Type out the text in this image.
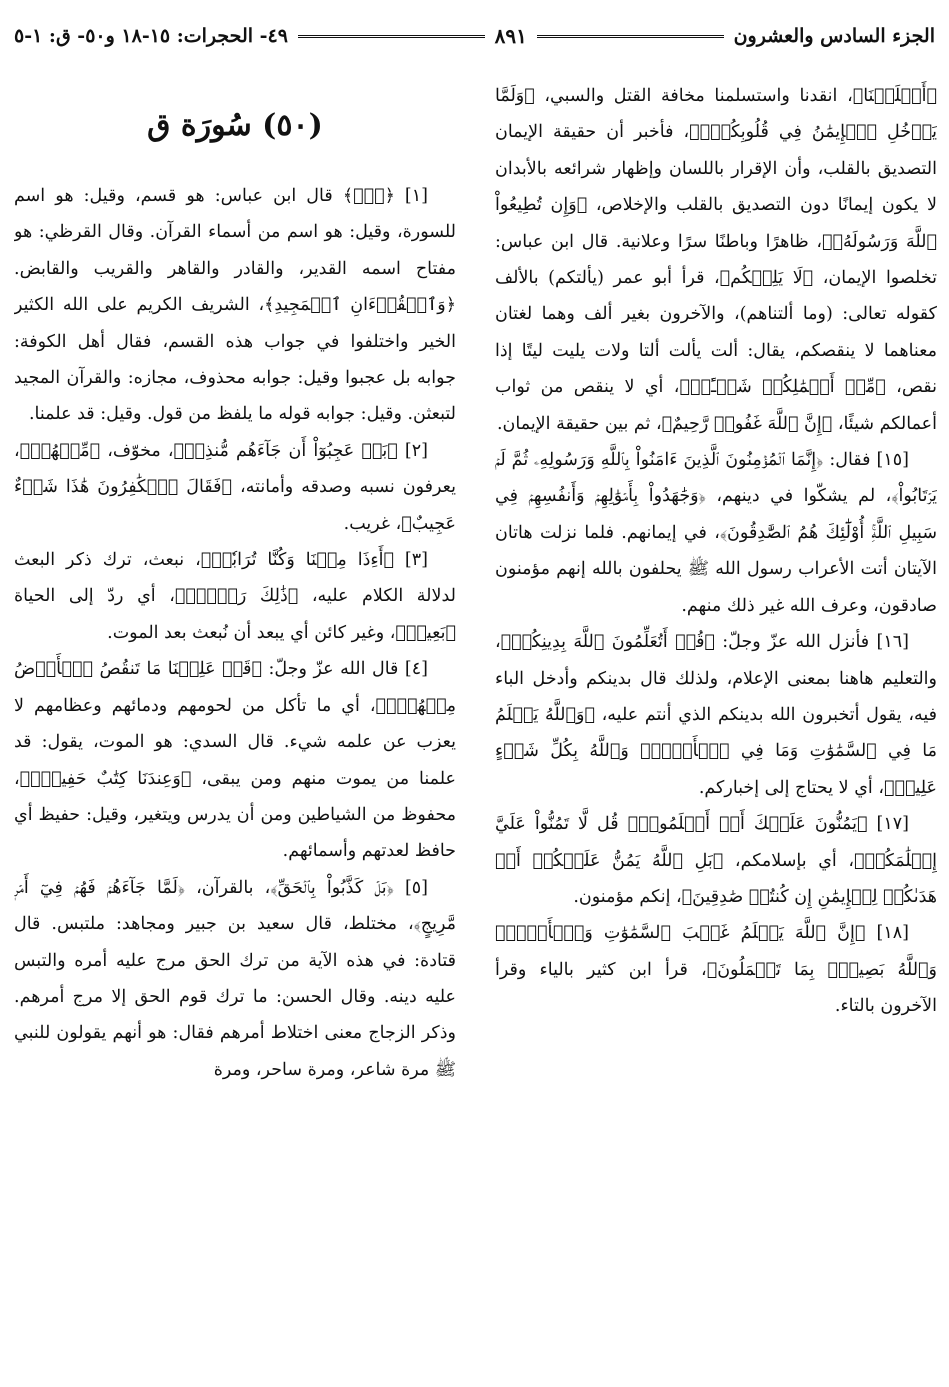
الجزء السادس والعشرون
٨٩١
٤٩- الحجرات: ١٥-١٨ و٥٠- ق: ١-٥

﴿أَسۡلَمۡنَا﴾، انقدنا واستسلمنا مخافة القتل والسبي، ﴿وَلَمَّا يَدۡخُلِ ٱلۡإِيمَٰنُ فِي قُلُوبِكُمۡۖ﴾، فأخبر أن حقيقة الإيمان التصديق بالقلب، وأن الإقرار باللسان وإظهار شرائعه بالأبدان لا يكون إيمانًا دون التصديق بالقلب والإخلاص، ﴿وَإِن تُطِيعُواْ ٱللَّهَ وَرَسُولَهُۥ﴾، ظاهرًا وباطنًا سرًا وعلانية. قال ابن عباس: تخلصوا الإيمان، ﴿لَا يَلِتۡكُم﴾، قرأ أبو عمر (يألتكم) بالألف كقوله تعالى: (وما ألتناهم)، والآخرون بغير ألف وهما لغتان معناهما لا ينقصكم، يقال: ألت يألت ألتا ولات يليت ليتًا إذا نقص، ﴿مِّنۡ أَعۡمَٰلِكُمۡ شَيۡـًٔاۚ﴾، أي لا ينقص من ثواب أعمالكم شيئًا، ﴿إِنَّ ٱللَّهَ غَفُورٞ رَّحِيمٌ﴾، ثم بين حقيقة الإيمان.

[١٥] فقال: ﴿إِنَّمَا ٱلۡمُؤۡمِنُونَ ٱلَّذِينَ ءَامَنُواْ بِٱللَّهِ وَرَسُولِهِۦ ثُمَّ لَمۡ يَرۡتَابُواْ﴾، لم يشكّوا في دينهم، ﴿وَجَٰهَدُواْ بِأَمۡوَٰلِهِمۡ وَأَنفُسِهِمۡ فِي سَبِيلِ ٱللَّهِۚ أُوْلَٰٓئِكَ هُمُ ٱلصَّٰدِقُونَ﴾، في إيمانهم. فلما نزلت هاتان الآيتان أتت الأعراب رسول الله ﷺ يحلفون بالله إنهم مؤمنون صادقون، وعرف الله غير ذلك منهم.

[١٦] فأنزل الله عزّ وجلّ: ﴿قُلۡ أَتُعَلِّمُونَ ٱللَّهَ بِدِينِكُمۡ﴾، والتعليم هاهنا بمعنى الإعلام، ولذلك قال بدينكم وأدخل الباء فيه، يقول أتخبرون الله بدينكم الذي أنتم عليه، ﴿وَٱللَّهُ يَعۡلَمُ مَا فِي ٱلسَّمَٰوَٰتِ وَمَا فِي ٱلۡأَرۡضِۚ وَٱللَّهُ بِكُلِّ شَيۡءٍ عَلِيمٞ﴾، أي لا يحتاج إلى إخباركم.

[١٧] ﴿يَمُنُّونَ عَلَيۡكَ أَنۡ أَسۡلَمُواْۖ قُل لَّا تَمُنُّواْ عَلَيَّ إِسۡلَٰمَكُمۖ﴾، أي بإسلامكم، ﴿بَلِ ٱللَّهُ يَمُنُّ عَلَيۡكُمۡ أَنۡ هَدَىٰكُمۡ لِلۡإِيمَٰنِ إِن كُنتُمۡ صَٰدِقِينَ﴾، إنكم مؤمنون.

[١٨] ﴿إِنَّ ٱللَّهَ يَعۡلَمُ غَيۡبَ ٱلسَّمَٰوَٰتِ وَٱلۡأَرۡضِۚ وَٱللَّهُ بَصِيرُۢ بِمَا تَعۡمَلُونَ﴾، قرأ ابن كثير بالياء وقرأ الآخرون بالتاء.

(٥٠) سُورَة ق

[١] ﴿قٓۚ﴾ قال ابن عباس: هو قسم، وقيل: هو اسم للسورة، وقيل: هو اسم من أسماء القرآن. وقال القرظي: هو مفتاح اسمه القدير، والقادر والقاهر والقريب والقابض. ﴿وَٱلۡقُرۡءَانِ ٱلۡمَجِيدِ﴾، الشريف الكريم على الله الكثير الخير واختلفوا في جواب هذه القسم، فقال أهل الكوفة: جوابه بل عجبوا وقيل: جوابه محذوف، مجازه: والقرآن المجيد لتبعثن. وقيل: جوابه قوله ما يلفظ من قول. وقيل: قد علمنا.

[٢] ﴿بَلۡ عَجِبُوٓاْ أَن جَآءَهُم مُّنذِرٞ﴾، مخوّف، ﴿مِّنۡهُمۡ﴾، يعرفون نسبه وصدقه وأمانته، ﴿فَقَالَ ٱلۡكَٰفِرُونَ هَٰذَا شَيۡءٌ عَجِيبٌ﴾، غريب.

[٣] ﴿أَءِذَا مِتۡنَا وَكُنَّا تُرَابٗاۖ﴾، نبعث، ترك ذكر البعث لدلالة الكلام عليه، ﴿ذَٰلِكَ رَجۡعُۢ﴾، أي ردّ إلى الحياة ﴿بَعِيدٞ﴾، وغير كائن أي يبعد أن نُبعث بعد الموت.

[٤] قال الله عزّ وجلّ: ﴿قَدۡ عَلِمۡنَا مَا تَنقُصُ ٱلۡأَرۡضُ مِنۡهُمۡۖ﴾، أي ما تأكل من لحومهم ودمائهم وعظامهم لا يعزب عن علمه شيء. قال السدي: هو الموت، يقول: قد علمنا من يموت منهم ومن يبقى، ﴿وَعِندَنَا كِتَٰبٌ حَفِيظُۢ﴾، محفوظ من الشياطين ومن أن يدرس ويتغير، وقيل: حفيظ أي حافظ لعدتهم وأسمائهم.

[٥] ﴿بَلۡ كَذَّبُواْ بِٱلۡحَقِّ﴾، بالقرآن، ﴿لَمَّا جَآءَهُمۡ فَهُمۡ فِيٓ أَمۡرٖ مَّرِيجٍ﴾، مختلط، قال سعيد بن جبير ومجاهد: ملتبس. قال قتادة: في هذه الآية من ترك الحق مرج عليه أمره والتبس عليه دينه. وقال الحسن: ما ترك قوم الحق إلا مرج أمرهم. وذكر الزجاج معنى اختلاط أمرهم فقال: هو أنهم يقولون للنبي ﷺ مرة شاعر، ومرة ساحر، ومرة
